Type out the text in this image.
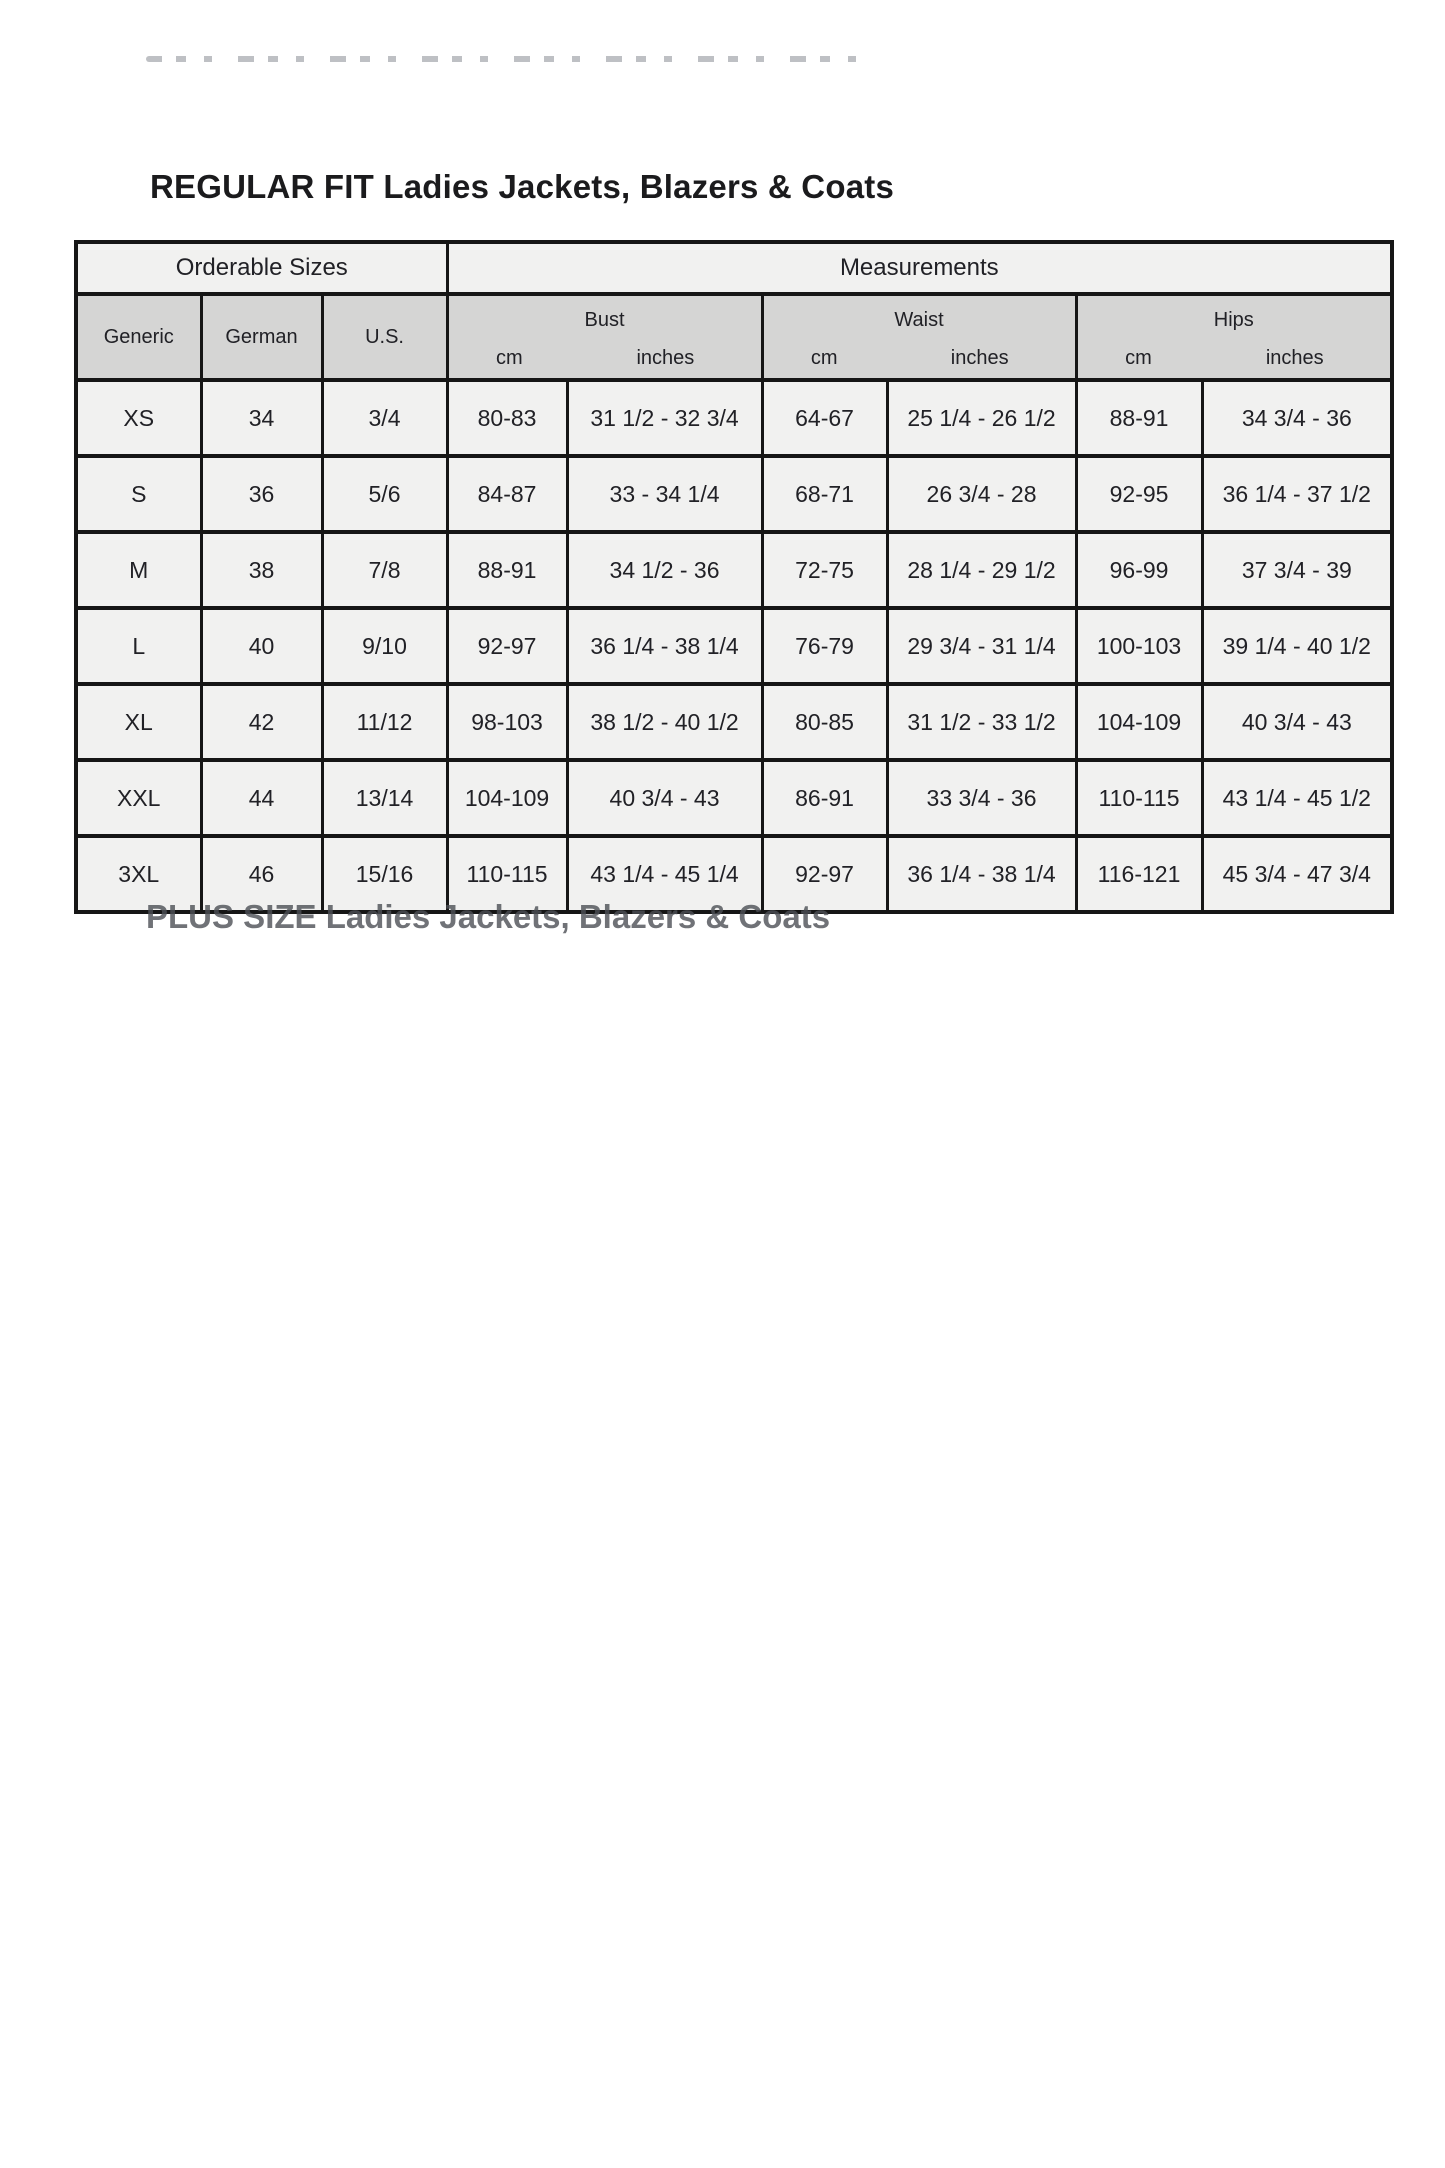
REGULAR FIT Ladies Jackets, Blazers & Coats
Orderable Sizes			Measurements					
Generic	German	U.S.	
Bust
cm	inches

Waist
cm	inches

Hips
cm	inches

XS	34	3/4	80-83	31 1/2 - 32 3/4	64-67	25 1/4 - 26 1/2	88-91	34 3/4 - 36
S	36	5/6	84-87	33 - 34 1/4	68-71	26 3/4 - 28	92-95	36 1/4 - 37 1/2
M	38	7/8	88-91	34 1/2 - 36	72-75	28 1/4 - 29 1/2	96-99	37 3/4 - 39
L	40	9/10	92-97	36 1/4 - 38 1/4	76-79	29 3/4 - 31 1/4	100-103	39 1/4 - 40 1/2
XL	42	11/12	98-103	38 1/2 - 40 1/2	80-85	31 1/2 - 33 1/2	104-109	40 3/4 - 43
XXL	44	13/14	104-109	40 3/4 - 43	86-91	33 3/4 - 36	110-115	43 1/4 - 45 1/2
3XL	46	15/16	110-115	43 1/4 - 45 1/4	92-97	36 1/4 - 38 1/4	116-121	45 3/4 - 47 3/4
PLUS SIZE Ladies Jackets, Blazers & Coats
